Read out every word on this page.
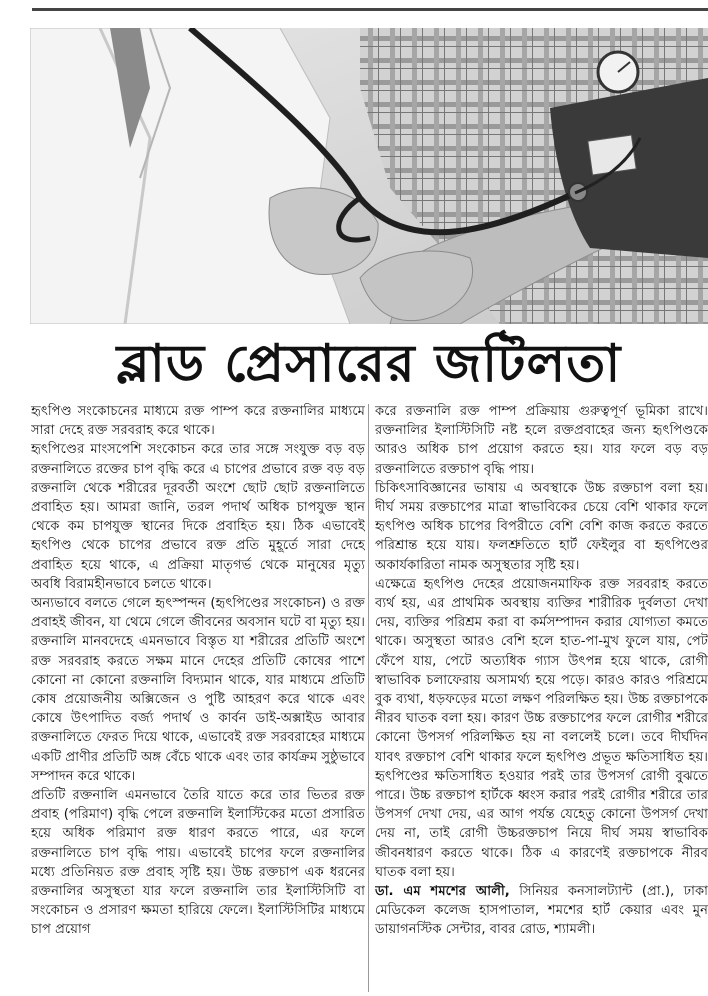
ব্লাড প্রেসারের জটিলতা

হৃৎপিণ্ড সংকোচনের মাধ্যমে রক্ত পাম্প করে রক্তনালির মাধ্যমে সারা দেহে রক্ত সরবরাহ করে থাকে।

হৃৎপিণ্ডের মাংসপেশি সংকোচন করে তার সঙ্গে সংযুক্ত বড় বড় রক্তনালিতে রক্তের চাপ বৃদ্ধি করে এ চাপের প্রভাবে রক্ত বড় বড় রক্তনালি থেকে শরীরের দূরবর্তী অংশে ছোট ছোট রক্তনালিতে প্রবাহিত হয়। আমরা জানি, তরল পদার্থ অধিক চাপযুক্ত স্থান থেকে কম চাপযুক্ত স্থানের দিকে প্রবাহিত হয়। ঠিক এভাবেই হৃৎপিণ্ড থেকে চাপের প্রভাবে রক্ত প্রতি মুহূর্তে সারা দেহে প্রবাহিত হয়ে থাকে, এ প্রক্রিয়া মাতৃগর্ভ থেকে মানুষের মৃত্যু অবধি বিরামহীনভাবে চলতে থাকে।

অন্যভাবে বলতে গেলে হৃৎস্পন্দন (হৃৎপিণ্ডের সংকোচন) ও রক্ত প্রবাহই জীবন, যা থেমে গেলে জীবনের অবসান ঘটে বা মৃত্যু হয়। রক্তনালি মানবদেহে এমনভাবে বিস্তৃত যা শরীরের প্রতিটি অংশে রক্ত সরবরাহ করতে সক্ষম মানে দেহের প্রতিটি কোষের পাশে কোনো না কোনো রক্তনালি বিদ্যমান থাকে, যার মাধ্যমে প্রতিটি কোষ প্রয়োজনীয় অক্সিজেন ও পুষ্টি আহরণ করে থাকে এবং কোষে উৎপাদিত বর্জ্য পদার্থ ও কার্বন ডাই-অক্সাইড আবার রক্তনালিতে ফেরত দিয়ে থাকে, এভাবেই রক্ত সরবরাহের মাধ্যমে একটি প্রাণীর প্রতিটি অঙ্গ বেঁচে থাকে এবং তার কার্যক্রম সুষ্ঠুভাবে সম্পাদন করে থাকে।

প্রতিটি রক্তনালি এমনভাবে তৈরি যাতে করে তার ভিতর রক্ত প্রবাহ (পরিমাণ) বৃদ্ধি পেলে রক্তনালি ইলাস্টিকের মতো প্রসারিত হয়ে অধিক পরিমাণ রক্ত ধারণ করতে পারে, এর ফলে রক্তনালিতে চাপ বৃদ্ধি পায়। এভাবেই চাপের ফলে রক্তনালির মধ্যে প্রতিনিয়ত রক্ত প্রবাহ সৃষ্টি হয়। উচ্চ রক্তচাপ এক ধরনের রক্তনালির অসুস্থতা যার ফলে রক্তনালি তার ইলাস্টিসিটি বা সংকোচন ও প্রসারণ ক্ষমতা হারিয়ে ফেলে। ইলাস্টিসিটির মাধ্যমে চাপ প্রয়োগ

করে রক্তনালি রক্ত পাম্প প্রক্রিয়ায় গুরুত্বপূর্ণ ভূমিকা রাখে। রক্তনালির ইলাস্টিসিটি নষ্ট হলে রক্তপ্রবাহের জন্য হৃৎপিণ্ডকে আরও অধিক চাপ প্রয়োগ করতে হয়। যার ফলে বড় বড় রক্তনালিতে রক্তচাপ বৃদ্ধি পায়।

চিকিৎসাবিজ্ঞানের ভাষায় এ অবস্থাকে উচ্চ রক্তচাপ বলা হয়। দীর্ঘ সময় রক্তচাপের মাত্রা স্বাভাবিকের চেয়ে বেশি থাকার ফলে হৃৎপিণ্ড অধিক চাপের বিপরীতে বেশি বেশি কাজ করতে করতে পরিশ্রান্ত হয়ে যায়। ফলশ্রুতিতে হার্ট ফেইলুর বা হৃৎপিণ্ডের অকার্যকারিতা নামক অসুস্থতার সৃষ্টি হয়।

এক্ষেত্রে হৃৎপিণ্ড দেহের প্রয়োজনমাফিক রক্ত সরবরাহ করতে ব্যর্থ হয়, এর প্রাথমিক অবস্থায় ব্যক্তির শারীরিক দুর্বলতা দেখা দেয়, ব্যক্তির পরিশ্রম করা বা কর্মসম্পাদন করার যোগ্যতা কমতে থাকে। অসুস্থতা আরও বেশি হলে হাত-পা-মুখ ফুলে যায়, পেট ফেঁপে যায়, পেটে অত্যধিক গ্যাস উৎপন্ন হয়ে থাকে, রোগী স্বাভাবিক চলাফেরায় অসামর্থ্য হয়ে পড়ে। কারও কারও পরিশ্রমে বুক ব্যথা, ধড়ফড়ের মতো লক্ষণ পরিলক্ষিত হয়। উচ্চ রক্তচাপকে নীরব ঘাতক বলা হয়। কারণ উচ্চ রক্তচাপের ফলে রোগীর শরীরে কোনো উপসর্গ পরিলক্ষিত হয় না বললেই চলে। তবে দীর্ঘদিন যাবৎ রক্তচাপ বেশি থাকার ফলে হৃৎপিণ্ড প্রভূত ক্ষতিসাধিত হয়। হৃৎপিণ্ডের ক্ষতিসাধিত হওয়ার পরই তার উপসর্গ রোগী বুঝতে পারে। উচ্চ রক্তচাপ হার্টকে ধ্বংস করার পরই রোগীর শরীরে তার উপসর্গ দেখা দেয়, এর আগ পর্যন্ত যেহেতু কোনো উপসর্গ দেখা দেয় না, তাই রোগী উচ্চরক্তচাপ নিয়ে দীর্ঘ সময় স্বাভাবিক জীবনধারণ করতে থাকে। ঠিক এ কারণেই রক্তচাপকে নীরব ঘাতক বলা হয়।

ডা. এম শমশের আলী, সিনিয়র কনসালট্যান্ট (প্রা.), ঢাকা মেডিকেল কলেজ হাসপাতাল, শমশের হার্ট কেয়ার এবং মুন ডায়াগনস্টিক সেন্টার, বাবর রোড, শ্যামলী।
